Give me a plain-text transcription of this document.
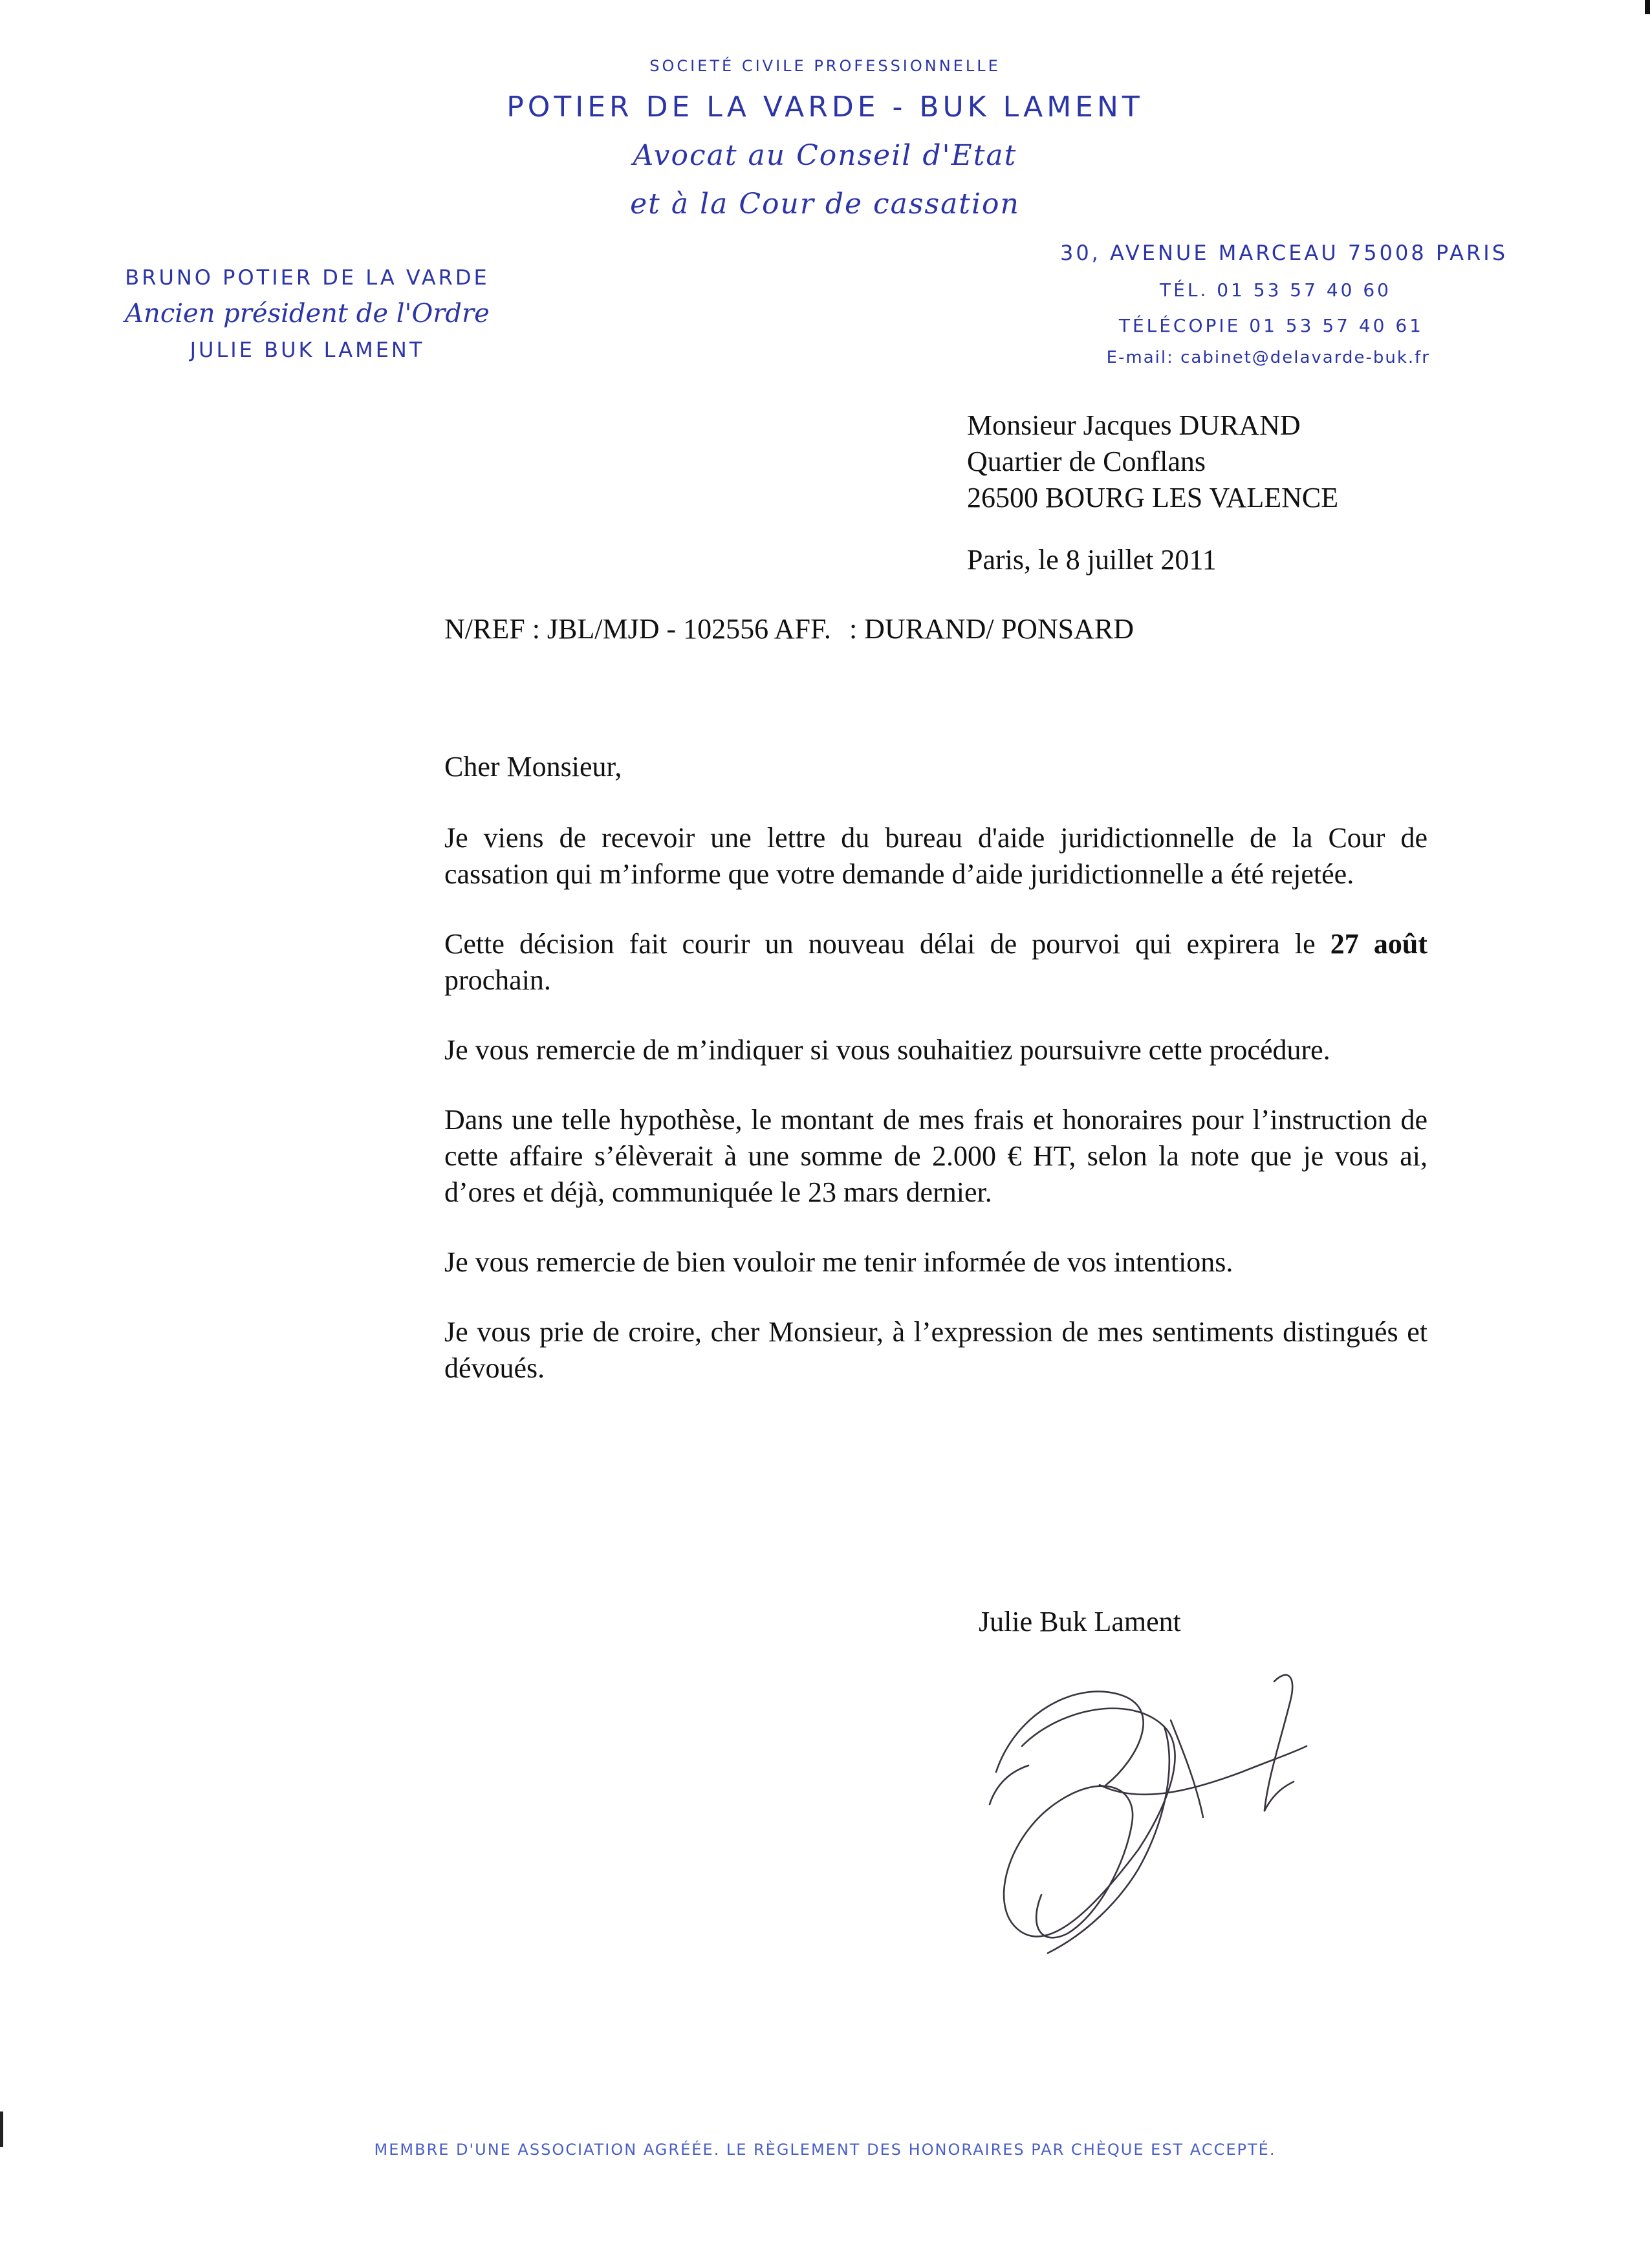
SOCIETÉ CIVILE PROFESSIONNELLE
POTIER DE LA VARDE - BUK LAMENT
Avocat au Conseil d'Etat
et à la Cour de cassation
BRUNO POTIER DE LA VARDE
Ancien président de l'Ordre
JULIE BUK LAMENT
30, AVENUE MARCEAU 75008 PARIS
TÉL. 01 53 57 40 60
TÉLÉCOPIE 01 53 57 40 61
E-mail: cabinet@delavarde-buk.fr
Monsieur Jacques DURAND
Quartier de Conflans
26500 BOURG LES VALENCE
Paris, le 8 juillet 2011
N/REF : JBL/MJD - 102556 AFF. : DURAND/ PONSARD

Cher Monsieur,

Je viens de recevoir une lettre du bureau d'aide juridictionnelle de la Cour de cassation qui m’informe que votre demande d’aide juridictionnelle a été rejetée.

Cette décision fait courir un nouveau délai de pourvoi qui expirera le 27 août prochain.

Je vous remercie de m’indiquer si vous souhaitiez poursuivre cette procédure.

Dans une telle hypothèse, le montant de mes frais et honoraires pour l’instruction de cette affaire s’élèverait à une somme de 2.000 € HT, selon la note que je vous ai, d’ores et déjà, communiquée le 23 mars dernier.

Je vous remercie de bien vouloir me tenir informée de vos intentions.

Je vous prie de croire, cher Monsieur, à l’expression de mes sentiments distingués et dévoués.

Julie Buk Lament
MEMBRE D'UNE ASSOCIATION AGRÉÉE. LE RÈGLEMENT DES HONORAIRES PAR CHÈQUE EST ACCEPTÉ.
